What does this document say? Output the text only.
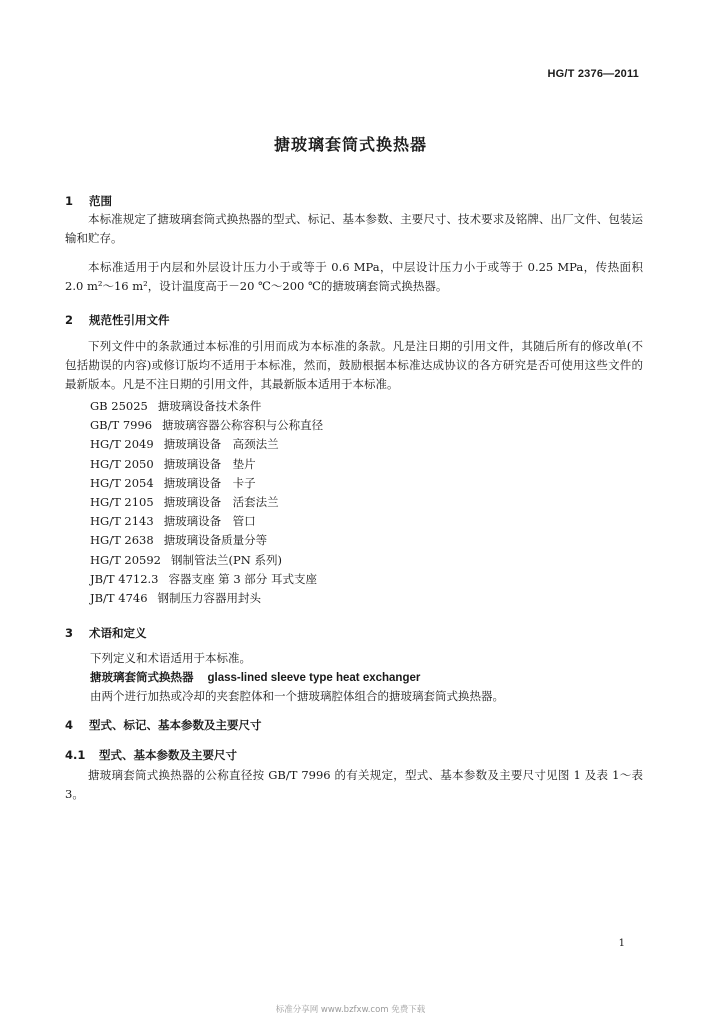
HG/T 2376—2011
搪玻璃套筒式换热器
1 范围

本标准规定了搪玻璃套筒式换热器的型式、标记、基本参数、主要尺寸、技术要求及铭牌、出厂文件、包装运输和贮存。

本标准适用于内层和外层设计压力小于或等于 0.6 MPa，中层设计压力小于或等于 0.25 MPa，传热面积 2.0 m²～16 m²，设计温度高于－20 ℃～200 ℃的搪玻璃套筒式换热器。

2 规范性引用文件

下列文件中的条款通过本标准的引用而成为本标准的条款。凡是注日期的引用文件，其随后所有的修改单(不包括勘误的内容)或修订版均不适用于本标准，然而，鼓励根据本标准达成协议的各方研究是否可使用这些文件的最新版本。凡是不注日期的引用文件，其最新版本适用于本标准。

GB 25025 搪玻璃设备技术条件
GB/T 7996 搪玻璃容器公称容积与公称直径
HG/T 2049 搪玻璃设备　高颈法兰
HG/T 2050 搪玻璃设备　垫片
HG/T 2054 搪玻璃设备　卡子
HG/T 2105 搪玻璃设备　活套法兰
HG/T 2143 搪玻璃设备　管口
HG/T 2638 搪玻璃设备质量分等
HG/T 20592 钢制管法兰(PN 系列)
JB/T 4712.3 容器支座 第 3 部分 耳式支座
JB/T 4746 钢制压力容器用封头
3 术语和定义
下列定义和术语适用于本标准。
搪玻璃套筒式换热器 glass-lined sleeve type heat exchanger
由两个进行加热或冷却的夹套腔体和一个搪玻璃腔体组合的搪玻璃套筒式换热器。
4 型式、标记、基本参数及主要尺寸
4.1 型式、基本参数及主要尺寸

搪玻璃套筒式换热器的公称直径按 GB/T 7996 的有关规定，型式、基本参数及主要尺寸见图 1 及表 1～表 3。

1
标准分享网 www.bzfxw.com 免费下载
